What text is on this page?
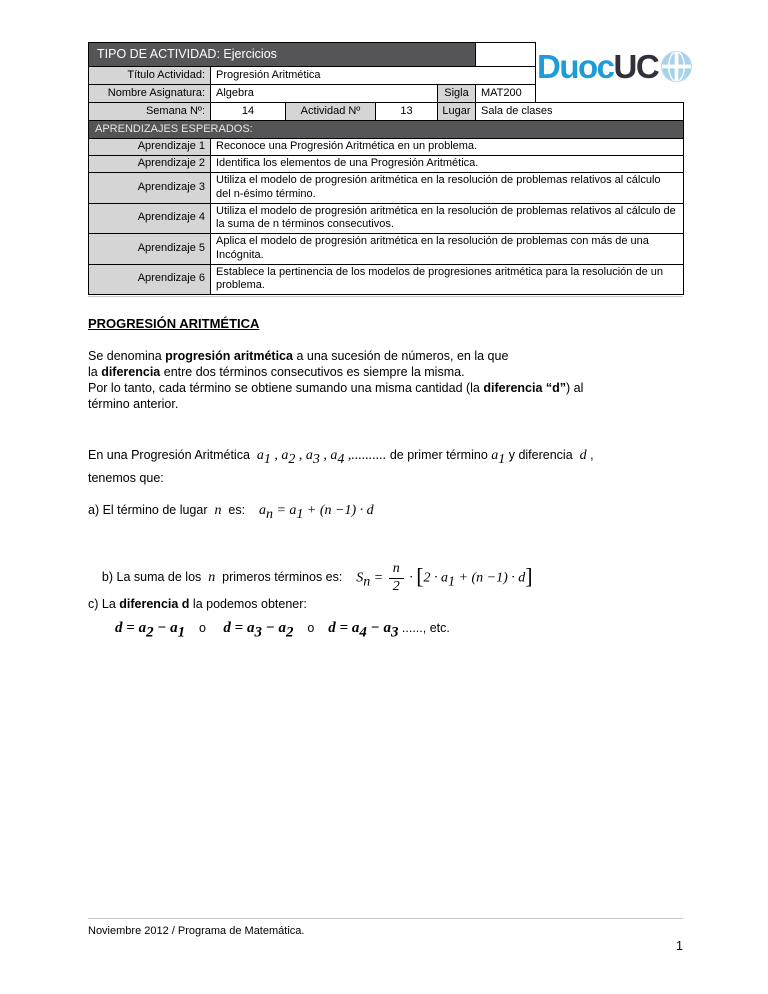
TIPO DE ACTIVIDAD: Ejercicios						
Título Actividad:	Progresión Aritmética					
Nombre Asignatura:	Algebra			Sigla	MAT200	
Semana Nº:	14	Actividad Nº	13	Lugar	Sala de clases	
APRENDIZAJES ESPERADOS:						
Aprendizaje 1	Reconoce una Progresión Aritmética en un problema.					
Aprendizaje 2	Identifica los elementos de una Progresión Aritmética.					
Aprendizaje 3	Utiliza el modelo de progresión aritmética en la resolución de problemas relativos al cálculo del n-ésimo término.					
Aprendizaje 4	Utiliza el modelo de progresión aritmética en la resolución de problemas relativos al cálculo de la suma de n términos consecutivos.					
Aprendizaje 5	Aplica el modelo de progresión aritmética en la resolución de problemas con más de una Incógnita.					
Aprendizaje 6	Establece la pertinencia de los modelos de progresiones aritmética para la resolución de un problema.					
Duoc UC
PROGRESIÓN ARITMÉTICA
Se denomina progresión aritmética a una sucesión de números, en la que
la diferencia entre dos términos consecutivos es siempre la misma.
Por lo tanto, cada término se obtiene sumando una misma cantidad (la diferencia “d”) al
término anterior.
En una Progresión Aritmética  $a_1$ , $a_2$ , $a_3$ , $a_4$ ,.......... de primer término $a_1$ y diferencia  d ,
tenemos que:
a) El término de lugar  n  es:    $a_n = a_1 + (n -1) \cdot d$

b) La suma de los  n  primeros términos es:    $S_n = \frac{n}{2} \cdot [2 \cdot a_1 + (n -1) \cdot d]$

c) La diferencia d la podemos obtener:
$d = a_2 - a_1$    o     $d = a_3 - a_2$    o    $d = a_4 - a_3$ ......, etc.
Noviembre 2012 / Programa de Matemática.
1
